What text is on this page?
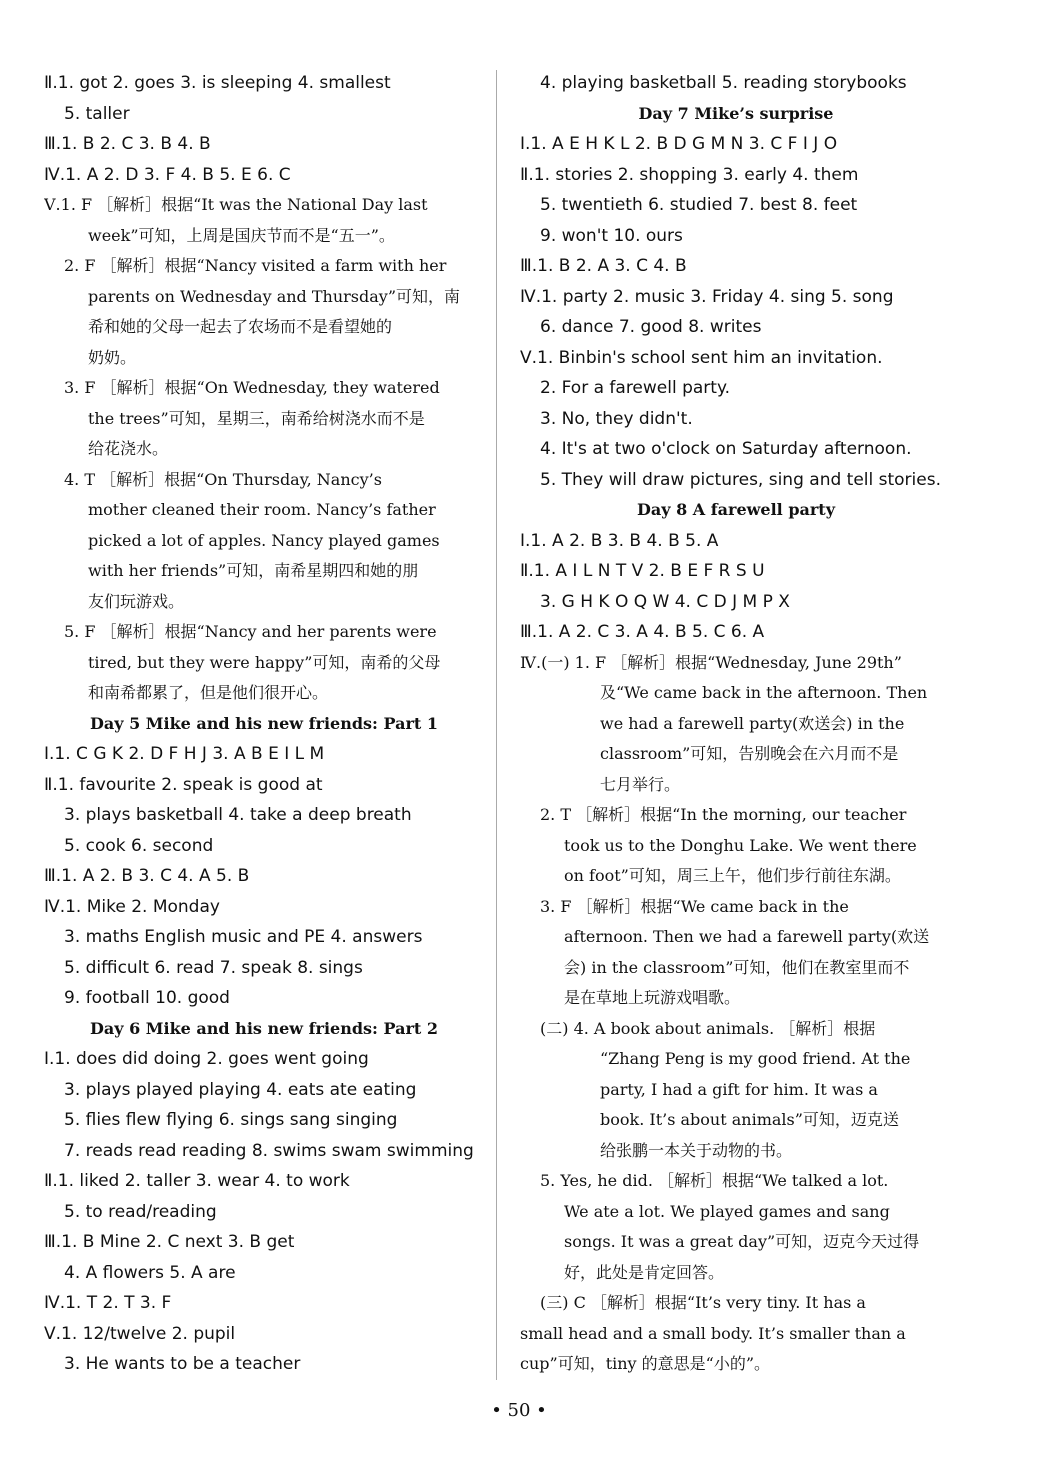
Ⅱ.1. got 2. goes 3. is sleeping 4. smallest
5. taller
Ⅲ.1. B 2. C 3. B 4. B
Ⅳ.1. A 2. D 3. F 4. B 5. E 6. C
Ⅴ.1. F ［解析］根据“It was the National Day last
week”可知，上周是国庆节而不是“五一”。
2. F ［解析］根据“Nancy visited a farm with her
parents on Wednesday and Thursday”可知，南
希和她的父母一起去了农场而不是看望她的
奶奶。
3. F ［解析］根据“On Wednesday, they watered
the trees”可知，星期三，南希给树浇水而不是
给花浇水。
4. T ［解析］根据“On Thursday, Nancy’s
mother cleaned their room. Nancy’s father
picked a lot of apples. Nancy played games
with her friends”可知，南希星期四和她的朋
友们玩游戏。
5. F ［解析］根据“Nancy and her parents were
tired, but they were happy”可知，南希的父母
和南希都累了，但是他们很开心。
Day 5 Mike and his new friends: Part 1
Ⅰ.1. C G K 2. D F H J 3. A B E I L M
Ⅱ.1. favourite 2. speak is good at
3. plays basketball 4. take a deep breath
5. cook 6. second
Ⅲ.1. A 2. B 3. C 4. A 5. B
Ⅳ.1. Mike 2. Monday
3. maths English music and PE 4. answers
5. difficult 6. read 7. speak 8. sings
9. football 10. good
Day 6 Mike and his new friends: Part 2
Ⅰ.1. does did doing 2. goes went going
3. plays played playing 4. eats ate eating
5. flies flew flying 6. sings sang singing
7. reads read reading 8. swims swam swimming
Ⅱ.1. liked 2. taller 3. wear 4. to work
5. to read/reading
Ⅲ.1. B Mine 2. C next 3. B get
4. A flowers 5. A are
Ⅳ.1. T 2. T 3. F
Ⅴ.1. 12/twelve 2. pupil
3. He wants to be a teacher
4. playing basketball 5. reading storybooks
Day 7 Mike’s surprise
Ⅰ.1. A E H K L 2. B D G M N 3. C F I J O
Ⅱ.1. stories 2. shopping 3. early 4. them
5. twentieth 6. studied 7. best 8. feet
9. won't 10. ours
Ⅲ.1. B 2. A 3. C 4. B
Ⅳ.1. party 2. music 3. Friday 4. sing 5. song
6. dance 7. good 8. writes
Ⅴ.1. Binbin's school sent him an invitation.
2. For a farewell party.
3. No, they didn't.
4. It's at two o'clock on Saturday afternoon.
5. They will draw pictures, sing and tell stories.
Day 8 A farewell party
Ⅰ.1. A 2. B 3. B 4. B 5. A
Ⅱ.1. A I L N T V 2. B E F R S U
3. G H K O Q W 4. C D J M P X
Ⅲ.1. A 2. C 3. A 4. B 5. C 6. A
Ⅳ.(一) 1. F ［解析］根据“Wednesday, June 29th”
及“We came back in the afternoon. Then
we had a farewell party(欢送会) in the
classroom”可知，告别晚会在六月而不是
七月举行。
2. T ［解析］根据“In the morning, our teacher
took us to the Donghu Lake. We went there
on foot”可知，周三上午，他们步行前往东湖。
3. F ［解析］根据“We came back in the
afternoon. Then we had a farewell party(欢送
会) in the classroom”可知，他们在教室里而不
是在草地上玩游戏唱歌。
(二) 4. A book about animals. ［解析］根据
“Zhang Peng is my good friend. At the
party, I had a gift for him. It was a
book. It’s about animals”可知，迈克送
给张鹏一本关于动物的书。
5. Yes, he did. ［解析］根据“We talked a lot.
We ate a lot. We played games and sang
songs. It was a great day”可知，迈克今天过得
好，此处是肯定回答。
(三) C ［解析］根据“It’s very tiny. It has a
small head and a small body. It’s smaller than a
cup”可知，tiny 的意思是“小的”。
• 50 •
